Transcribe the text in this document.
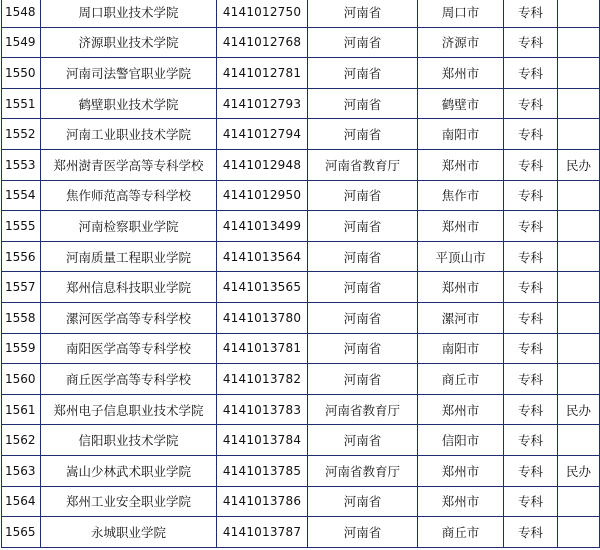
1548	周口职业技术学院	4141012750	河南省	周口市	专科	
1549	济源职业技术学院	4141012768	河南省	济源市	专科	
1550	河南司法警官职业学院	4141012781	河南省	郑州市	专科	
1551	鹤壁职业技术学院	4141012793	河南省	鹤壁市	专科	
1552	河南工业职业技术学院	4141012794	河南省	南阳市	专科	
1553	郑州澍青医学高等专科学校	4141012948	河南省教育厅	郑州市	专科	民办
1554	焦作师范高等专科学校	4141012950	河南省	焦作市	专科	
1555	河南检察职业学院	4141013499	河南省	郑州市	专科	
1556	河南质量工程职业学院	4141013564	河南省	平顶山市	专科	
1557	郑州信息科技职业学院	4141013565	河南省	郑州市	专科	
1558	漯河医学高等专科学校	4141013780	河南省	漯河市	专科	
1559	南阳医学高等专科学校	4141013781	河南省	南阳市	专科	
1560	商丘医学高等专科学校	4141013782	河南省	商丘市	专科	
1561	郑州电子信息职业技术学院	4141013783	河南省教育厅	郑州市	专科	民办
1562	信阳职业技术学院	4141013784	河南省	信阳市	专科	
1563	嵩山少林武术职业学院	4141013785	河南省教育厅	郑州市	专科	民办
1564	郑州工业安全职业学院	4141013786	河南省	郑州市	专科	
1565	永城职业学院	4141013787	河南省	商丘市	专科	
